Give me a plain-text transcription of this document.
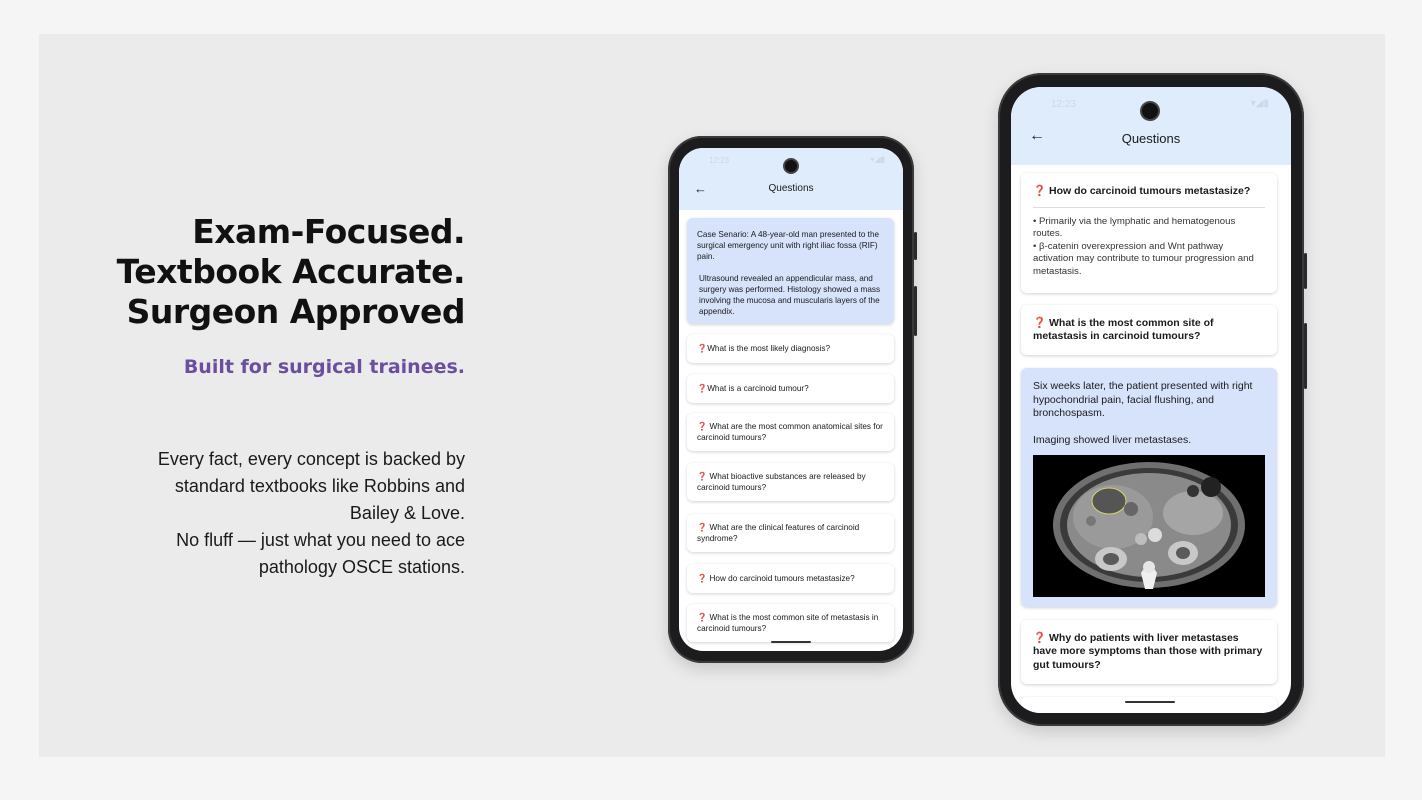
Exam-Focused.
Textbook Accurate.
Surgeon Approved
Built for surgical trainees.
Every fact, every concept is backed by
standard textbooks like Robbins and
Bailey & Love.
No fluff — just what you need to ace
pathology OSCE stations.
12:23	▾◢▮
←	Questions
Case Senario: A 48-year-old man presented to the surgical emergency unit with right iliac fossa (RIF) pain.
Ultrasound revealed an appendicular mass, and surgery was performed. Histology showed a mass involving the mucosa and muscularis layers of the appendix.
❓ What is the most likely diagnosis?
❓ What is a carcinoid tumour?
❓ What are the most common anatomical sites for carcinoid tumours?
❓ What bioactive substances are released by carcinoid tumours?
❓ What are the clinical features of carcinoid syndrome?
❓
How do carcinoid tumours metastasize?
❓ What is the most common site of metastasis in carcinoid tumours?
12:23	▾◢▮
←	Questions
❓ How do carcinoid tumours metastasize?
• Primarily via the lymphatic and hematogenous routes.
• β-catenin overexpression and Wnt pathway activation may contribute to tumour progression and metastasis.
❓ What is the most common site of metastasis in carcinoid tumours?
Six weeks later, the patient presented with right hypochondrial pain, facial flushing, and bronchospasm.
Imaging showed liver metastases.
❓ Why do patients with liver metastases have more symptoms than those with primary gut tumours?
